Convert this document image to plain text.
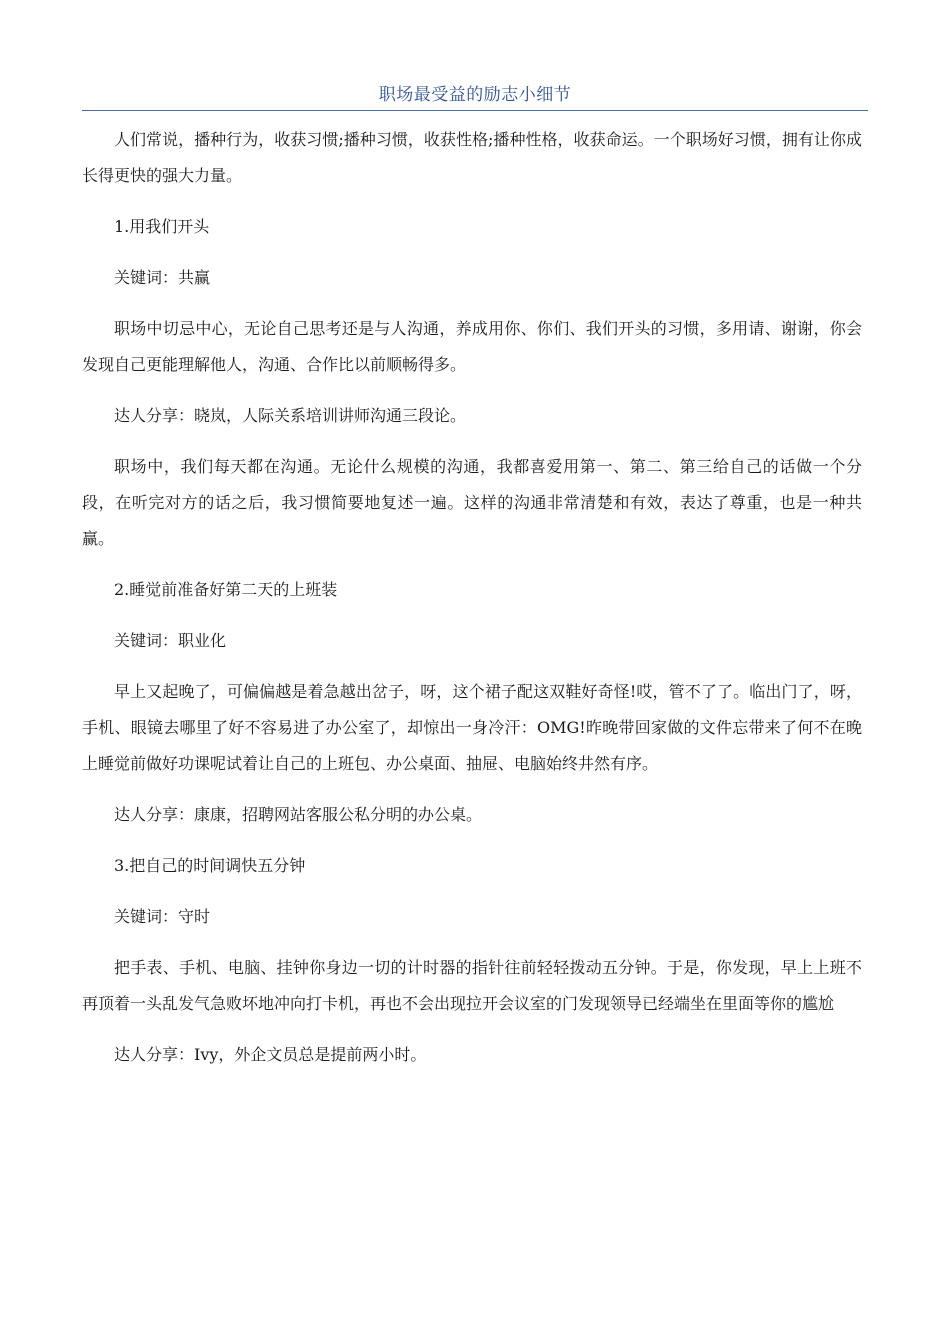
职场最受益的励志小细节

人们常说，播种行为，收获习惯;播种习惯，收获性格;播种性格，收获命运。一个职场好习惯，拥有让你成长得更快的强大力量。

1.用我们开头

关键词：共赢

职场中切忌中心，无论自己思考还是与人沟通，养成用你、你们、我们开头的习惯，多用请、谢谢，你会发现自己更能理解他人，沟通、合作比以前顺畅得多。

达人分享：晓岚，人际关系培训讲师沟通三段论。

职场中，我们每天都在沟通。无论什么规模的沟通，我都喜爱用第一、第二、第三给自己的话做一个分段，在听完对方的话之后，我习惯简要地复述一遍。这样的沟通非常清楚和有效，表达了尊重，也是一种共赢。

2.睡觉前准备好第二天的上班装

关键词：职业化

早上又起晚了，可偏偏越是着急越出岔子，呀，这个裙子配这双鞋好奇怪!哎，管不了了。临出门了，呀，手机、眼镜去哪里了好不容易进了办公室了，却惊出一身冷汗：OMG!昨晚带回家做的文件忘带来了何不在晚上睡觉前做好功课呢试着让自己的上班包、办公桌面、抽屉、电脑始终井然有序。

达人分享：康康，招聘网站客服公私分明的办公桌。

3.把自己的时间调快五分钟

关键词：守时

把手表、手机、电脑、挂钟你身边一切的计时器的指针往前轻轻拨动五分钟。于是，你发现，早上上班不再顶着一头乱发气急败坏地冲向打卡机，再也不会出现拉开会议室的门发现领导已经端坐在里面等你的尴尬

达人分享：Ivy，外企文员总是提前两小时。
